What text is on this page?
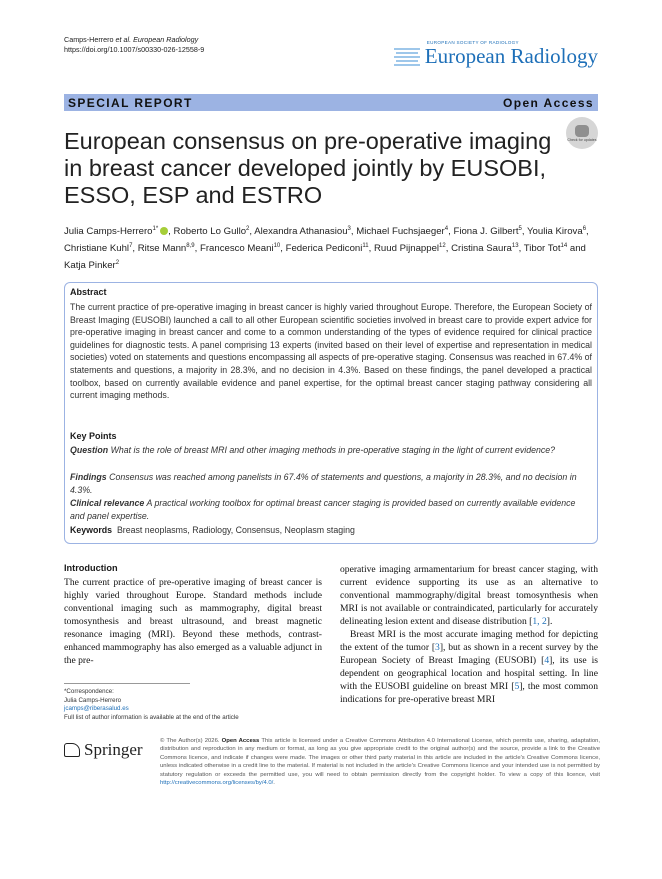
Camps-Herrero et al. European Radiology
https://doi.org/10.1007/s00330-026-12558-9
EUROPEAN SOCIETY OF RADIOLOGY
European Radiology
SPECIAL REPORT	Open Access
European consensus on pre-operative imaging in breast cancer developed jointly by EUSOBI, ESSO, ESP and ESTRO
Check for updates
Julia Camps-Herrero$^{1*}$ , Roberto Lo Gullo$^2$, Alexandra Athanasiou$^3$, Michael Fuchsjaeger$^4$, Fiona J. Gilbert$^5$, Youlia Kirova$^6$, Christiane Kuhl$^7$, Ritse Mann$^{8,9}$, Francesco Meani$^{10}$, Federica Pediconi$^{11}$, Ruud Pijnappel$^{12}$, Cristina Saura$^{13}$, Tibor Tot$^{14}$ and Katja Pinker$^2$
Abstract
The current practice of pre-operative imaging in breast cancer is highly varied throughout Europe. Therefore, the European Society of Breast Imaging (EUSOBI) launched a call to all other European scientific societies involved in breast care to provide expert advice for pre-operative imaging in breast cancer and come to a common understanding of the types of evidence required for clinical practice guidelines for diagnostic tests. A panel comprising 13 experts (invited based on their level of expertise and representation in medical societies) voted on statements and questions encompassing all aspects of pre-operative staging. Consensus was reached in 67.4% of statements and questions, a majority in 28.3%, and no decision in 4.3%. Based on these findings, the panel developed a practical toolbox, based on currently available evidence and panel expertise, for the optimal breast cancer staging pathway considering all current imaging methods.
Key Points
Question What is the role of breast MRI and other imaging methods in pre-operative staging in the light of current evidence?
Findings Consensus was reached among panelists in 67.4% of statements and questions, a majority in 28.3%, and no decision in 4.3%.
Clinical relevance A practical working toolbox for optimal breast cancer staging is provided based on currently available evidence and panel expertise.
Keywords Breast neoplasms, Radiology, Consensus, Neoplasm staging
Introduction
The current practice of pre-operative imaging of breast cancer is highly varied throughout Europe. Standard methods include conventional imaging such as mammography, digital breast tomosynthesis and breast ultrasound, and breast magnetic resonance imaging (MRI). Beyond these methods, contrast-enhanced mammography has also emerged as a valuable adjunct in the pre-
operative imaging armamentarium for breast cancer staging, with current evidence supporting its use as an alternative to conventional mammography/digital breast tomosynthesis when MRI is not available or contraindicated, particularly for accurately delineating lesion extent and disease distribution [1, 2].
Breast MRI is the most accurate imaging method for depicting the extent of the tumor [3], but as shown in a recent survey by the European Society of Breast Imaging (EUSOBI) [4], its use is dependent on geographical location and hospital setting. In line with the EUSOBI guideline on breast MRI [5], the most common indications for pre-operative breast MRI
*Correspondence:
Julia Camps-Herrero
jcamps@riberasalud.es
Full list of author information is available at the end of the article
Springer	© The Author(s) 2026. Open Access This article is licensed under a Creative Commons Attribution 4.0 International License, which permits use, sharing, adaptation, distribution and reproduction in any medium or format, as long as you give appropriate credit to the original author(s) and the source, provide a link to the Creative Commons licence, and indicate if changes were made. The images or other third party material in this article are included in the article's Creative Commons licence, unless indicated otherwise in a credit line to the material. If material is not included in the article's Creative Commons licence and your intended use is not permitted by statutory regulation or exceeds the permitted use, you will need to obtain permission directly from the copyright holder. To view a copy of this licence, visit http://creativecommons.org/licenses/by/4.0/.
